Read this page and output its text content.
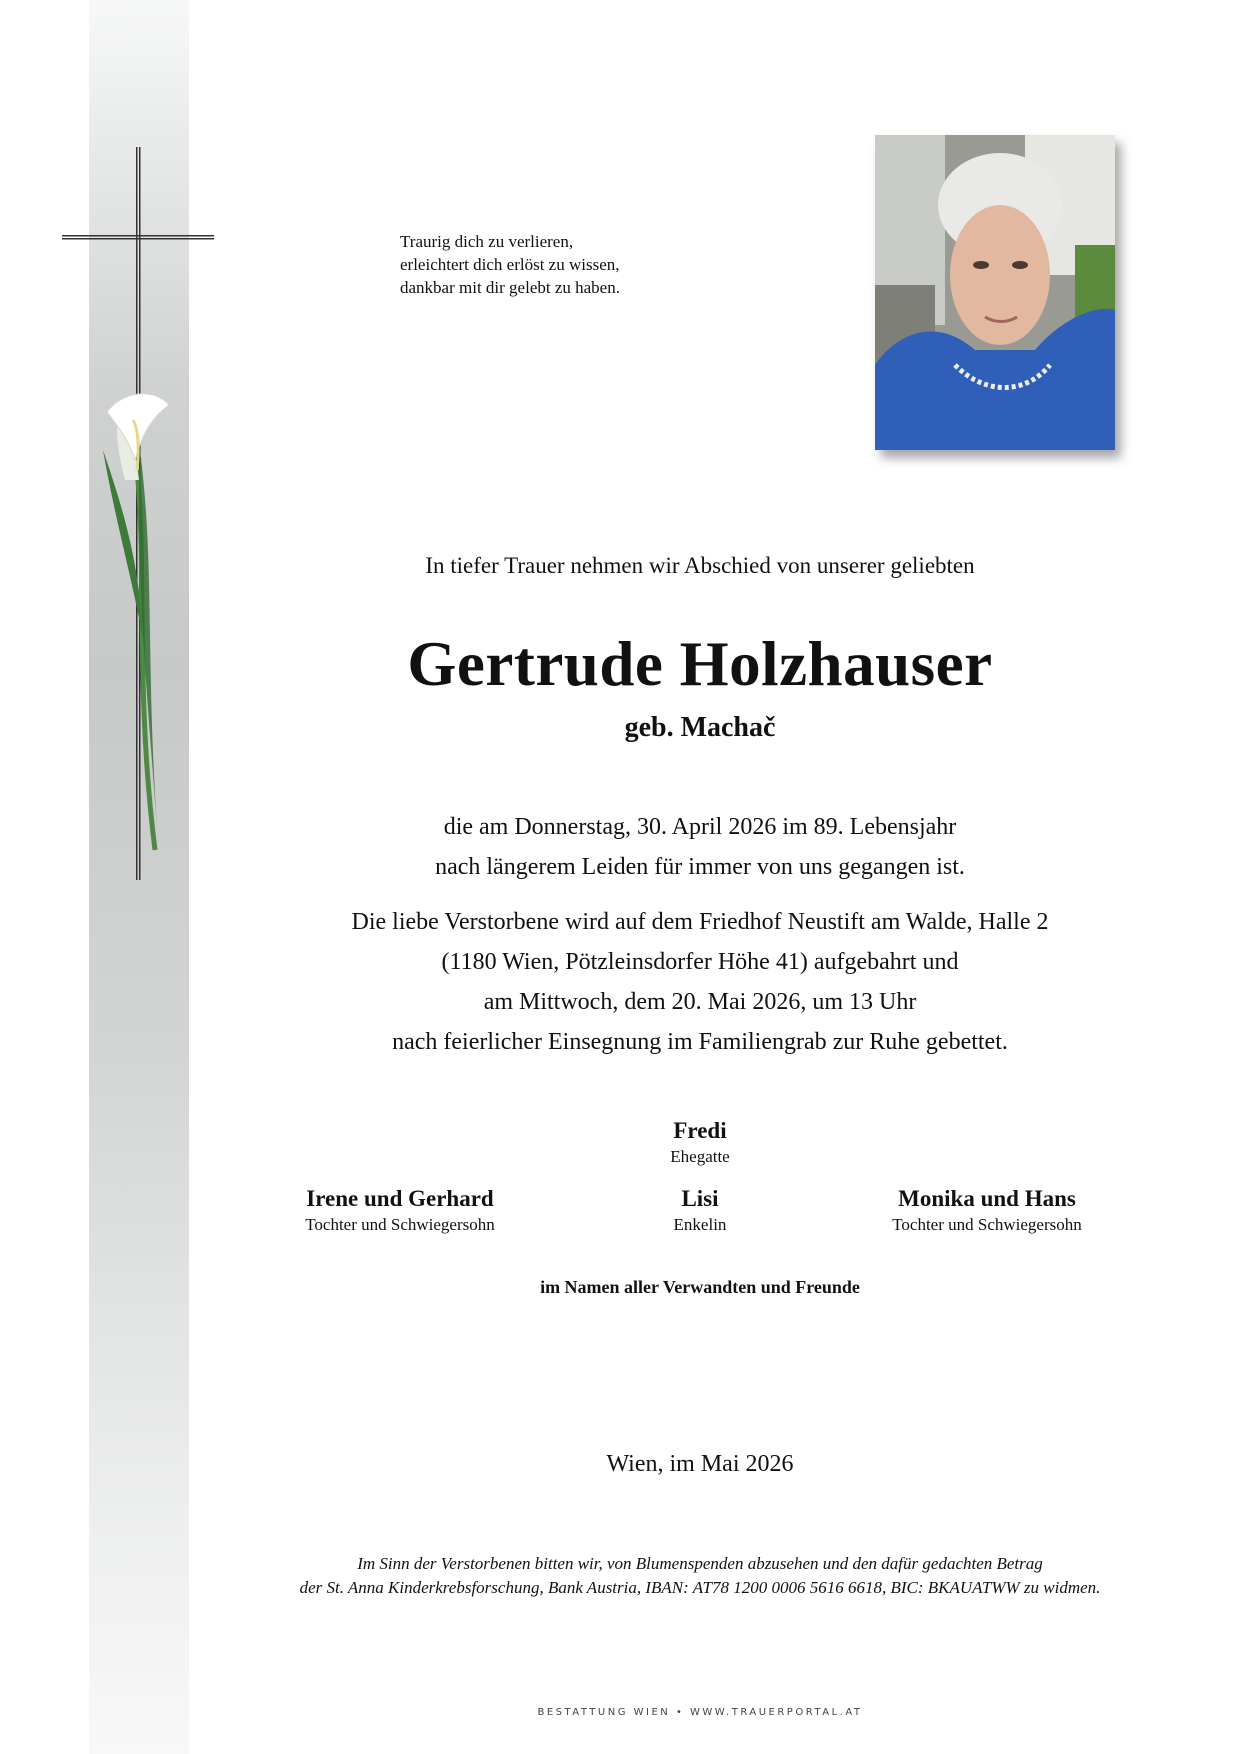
Traurig dich zu verlieren,
erleichtert dich erlöst zu wissen,
dankbar mit dir gelebt zu haben.
In tiefer Trauer nehmen wir Abschied von unserer geliebten
Gertrude Holzhauser
geb. Machač
die am Donnerstag, 30. April 2026 im 89. Lebensjahr
nach längerem Leiden für immer von uns gegangen ist.
Die liebe Verstorbene wird auf dem Friedhof Neustift am Walde, Halle 2
(1180 Wien, Pötzleinsdorfer Höhe 41) aufgebahrt und
am Mittwoch, dem 20. Mai 2026, um 13 Uhr
nach feierlicher Einsegnung im Familiengrab zur Ruhe gebettet.
Fredi
Ehegatte
Irene und Gerhard
Tochter und Schwiegersohn
Lisi
Enkelin
Monika und Hans
Tochter und Schwiegersohn
im Namen aller Verwandten und Freunde
Wien, im Mai 2026
Im Sinn der Verstorbenen bitten wir, von Blumenspenden abzusehen und den dafür gedachten Betrag
der St. Anna Kinderkrebsforschung, Bank Austria, IBAN: AT78 1200 0006 5616 6618, BIC: BKAUATWW zu widmen.
BESTATTUNG WIEN • WWW.TRAUERPORTAL.AT
